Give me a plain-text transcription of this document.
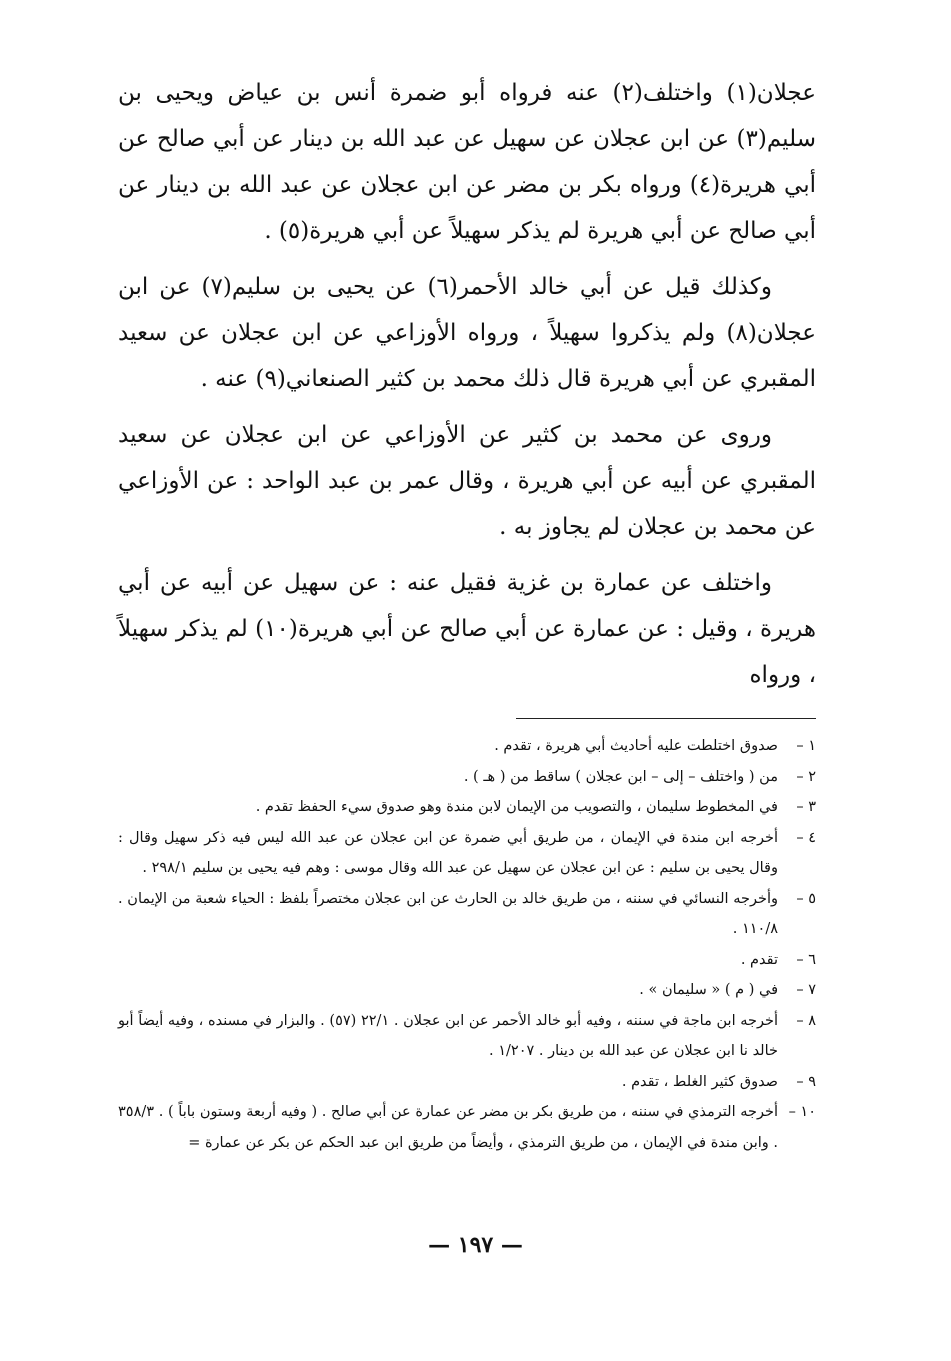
عجلان(١) واختلف(٢) عنه فرواه أبو ضمرة أنس بن عياض ويحيى بن سليم(٣) عن ابن عجلان عن سهيل عن عبد الله بن دينار عن أبي صالح عن أبي هريرة(٤) ورواه بكر بن مضر عن ابن عجلان عن عبد الله بن دينار عن أبي صالح عن أبي هريرة لم يذكر سهيلاً عن أبي هريرة(٥) .

وكذلك قيل عن أبي خالد الأحمر(٦) عن يحيى بن سليم(٧) عن ابن عجلان(٨) ولم يذكروا سهيلاً ، ورواه الأوزاعي عن ابن عجلان عن سعيد المقبري عن أبي هريرة قال ذلك محمد بن كثير الصنعاني(٩) عنه .

وروى عن محمد بن كثير عن الأوزاعي عن ابن عجلان عن سعيد المقبري عن أبيه عن أبي هريرة ، وقال عمر بن عبد الواحد : عن الأوزاعي عن محمد بن عجلان لم يجاوز به .

واختلف عن عمارة بن غزية فقيل عنه : عن سهيل عن أبيه عن أبي هريرة ، وقيل : عن عمارة عن أبي صالح عن أبي هريرة(١٠) لم يذكر سهيلاً ، ورواه

١ –
صدوق اختلطت عليه أحاديث أبي هريرة ، تقدم .
٢ –
من ( واختلف – إلى – ابن عجلان ) ساقط من ( هـ ) .
٣ –
في المخطوط سليمان ، والتصويب من الإيمان لابن مندة وهو صدوق سيء الحفظ تقدم .
٤ –
أخرجه ابن مندة في الإيمان ، من طريق أبي ضمرة عن ابن عجلان عن عبد الله ليس فيه ذكر سهيل وقال : وقال يحيى بن سليم : عن ابن عجلان عن سهيل عن عبد الله وقال موسى : وهم فيه يحيى بن سليم ٢٩٨/١ .
٥ –
وأخرجه النسائي في سننه ، من طريق خالد بن الحارث عن ابن عجلان مختصراً بلفظ : الحياء شعبة من الإيمان . ١١٠/٨ .
٦ –
تقدم .
٧ –
في ( م ) « سليمان » .
٨ –
أخرجه ابن ماجة في سننه ، وفيه أبو خالد الأحمر عن ابن عجلان . ٢٢/١ (٥٧) . والبزار في مسنده ، وفيه أيضاً أبو خالد نا ابن عجلان عن عبد الله بن دينار . ١/٢٠٧ .
٩ –
صدوق كثير الغلط ، تقدم .
١٠ –
أخرجه الترمذي في سننه ، من طريق بكر بن مضر عن عمارة عن أبي صالح . ( وفيه أربعة وستون باباً ) . ٣٥٨/٣ . وابن مندة في الإيمان ، من طريق الترمذي ، وأيضاً من طريق ابن عبد الحكم عن بكر عن عمارة =
— ١٩٧ —
